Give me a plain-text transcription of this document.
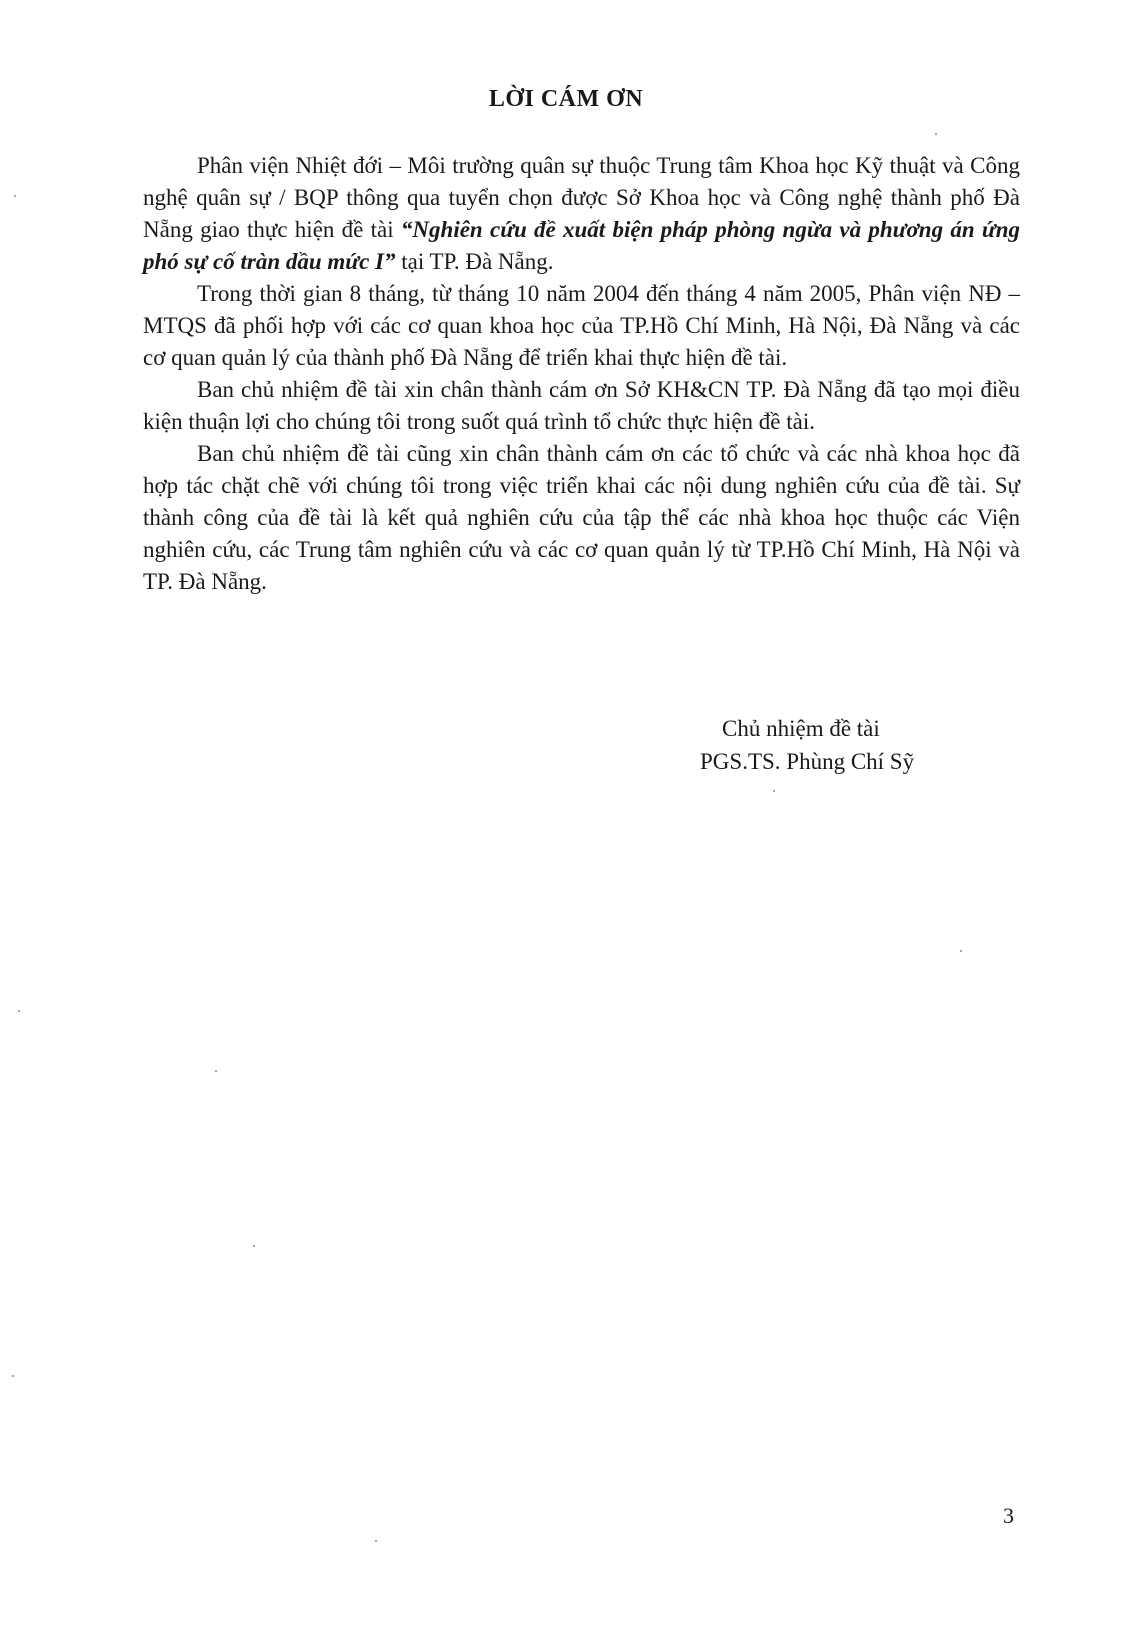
LỜI CÁM ƠN

Phân viện Nhiệt đới – Môi trường quân sự thuộc Trung tâm Khoa học Kỹ thuật và Công nghệ quân sự / BQP thông qua tuyển chọn được Sở Khoa học và Công nghệ thành phố Đà Nẵng giao thực hiện đề tài “Nghiên cứu đề xuất biện pháp phòng ngừa và phương án ứng phó sự cố tràn dầu mức I” tại TP. Đà Nẵng.

Trong thời gian 8 tháng, từ tháng 10 năm 2004 đến tháng 4 năm 2005, Phân viện NĐ – MTQS đã phối hợp với các cơ quan khoa học của TP.Hồ Chí Minh, Hà Nội, Đà Nẵng và các cơ quan quản lý của thành phố Đà Nẵng để triển khai thực hiện đề tài.

Ban chủ nhiệm đề tài xin chân thành cám ơn Sở KH&CN TP. Đà Nẵng đã tạo mọi điều kiện thuận lợi cho chúng tôi trong suốt quá trình tổ chức thực hiện đề tài.

Ban chủ nhiệm đề tài cũng xin chân thành cám ơn các tổ chức và các nhà khoa học đã hợp tác chặt chẽ với chúng tôi trong việc triển khai các nội dung nghiên cứu của đề tài. Sự thành công của đề tài là kết quả nghiên cứu của tập thể các nhà khoa học thuộc các Viện nghiên cứu, các Trung tâm nghiên cứu và các cơ quan quản lý từ TP.Hồ Chí Minh, Hà Nội và TP. Đà Nẵng.

Chủ nhiệm đề tài
PGS.TS. Phùng Chí Sỹ
3
